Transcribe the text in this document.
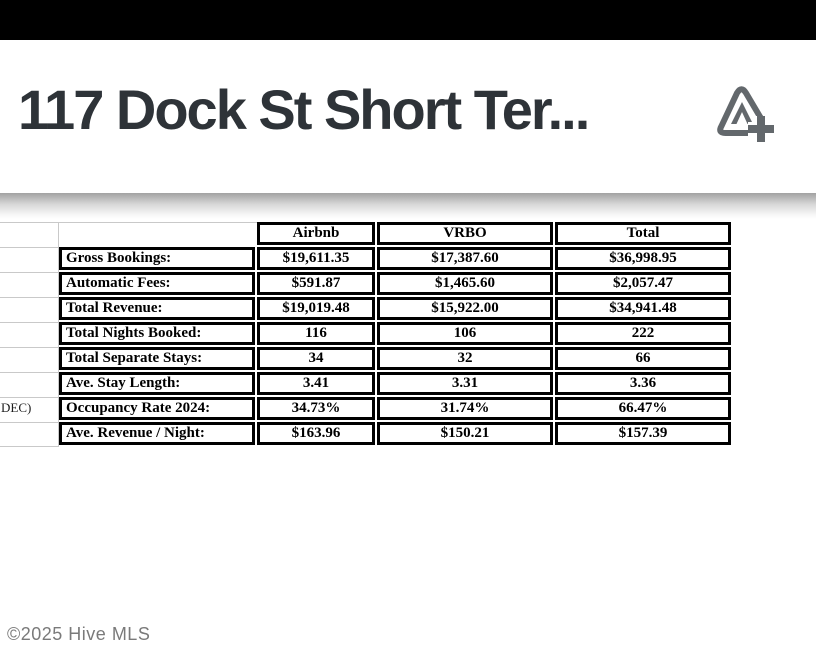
117 Dock St Short Ter...
	Airbnb	VRBO	Total
Gross Bookings:	$19,611.35	$17,387.60	$36,998.95
Automatic Fees:	$591.87	$1,465.60	$2,057.47
Total Revenue:	$19,019.48	$15,922.00	$34,941.48
Total Nights Booked:	116	106	222
Total Separate Stays:	34	32	66
Ave. Stay Length:	3.41	3.31	3.36
Occupancy Rate 2024:	34.73%	31.74%	66.47%
Ave. Revenue / Night:	$163.96	$150.21	$157.39
DEC)
©2025 Hive MLS
